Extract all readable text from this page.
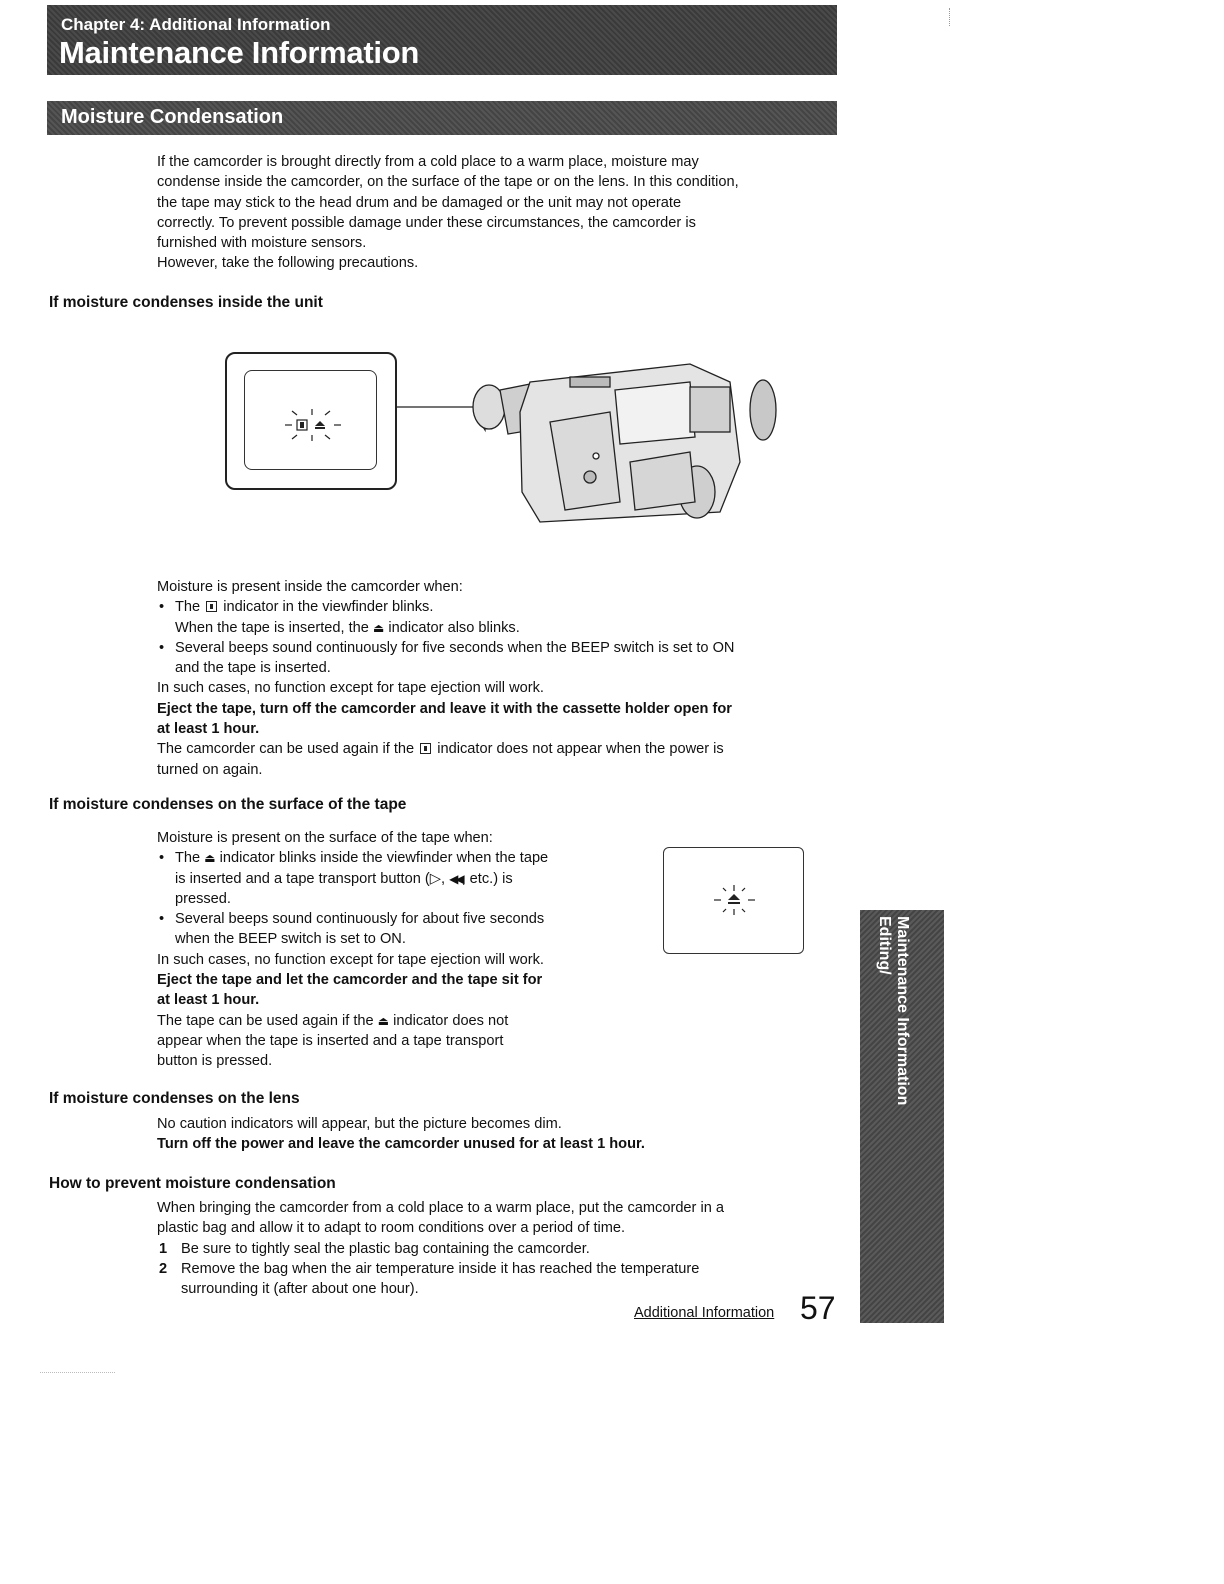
Chapter 4: Additional Information
Maintenance Information
Moisture Condensation

If the camcorder is brought directly from a cold place to a warm place, moisture may

condense inside the camcorder, on the surface of the tape or on the lens. In this condition,

the tape may stick to the head drum and be damaged or the unit may not operate

correctly. To prevent possible damage under these circumstances, the camcorder is

furnished with moisture sensors.

However, take the following precautions.

If moisture condenses inside the unit

Moisture is present inside the camcorder when:

• The indicator in the viewfinder blinks.
When the tape is inserted, the ⏏ indicator also blinks.
• Several beeps sound continuously for five seconds when the BEEP switch is set to ON
and the tape is inserted.

In such cases, no function except for tape ejection will work.

Eject the tape, turn off the camcorder and leave it with the cassette holder open for

at least 1 hour.

The camcorder can be used again if the indicator does not appear when the power is

turned on again.

If moisture condenses on the surface of the tape

Moisture is present on the surface of the tape when:

• The ⏏ indicator blinks inside the viewfinder when the tape
is inserted and a tape transport button (▷, ◀◀, etc.) is
pressed.
• Several beeps sound continuously for about five seconds
when the BEEP switch is set to ON.

In such cases, no function except for tape ejection will work.

Eject the tape and let the camcorder and the tape sit for

at least 1 hour.

The tape can be used again if the ⏏ indicator does not

appear when the tape is inserted and a tape transport

button is pressed.

If moisture condenses on the lens

No caution indicators will appear, but the picture becomes dim.

Turn off the power and leave the camcorder unused for at least 1 hour.

How to prevent moisture condensation

When bringing the camcorder from a cold place to a warm place, put the camcorder in a

plastic bag and allow it to adapt to room conditions over a period of time.

1 Be sure to tightly seal the plastic bag containing the camcorder.
2 Remove the bag when the air temperature inside it has reached the temperature
surrounding it (after about one hour).
Additional Information 57
Editing/ Maintenance Information
